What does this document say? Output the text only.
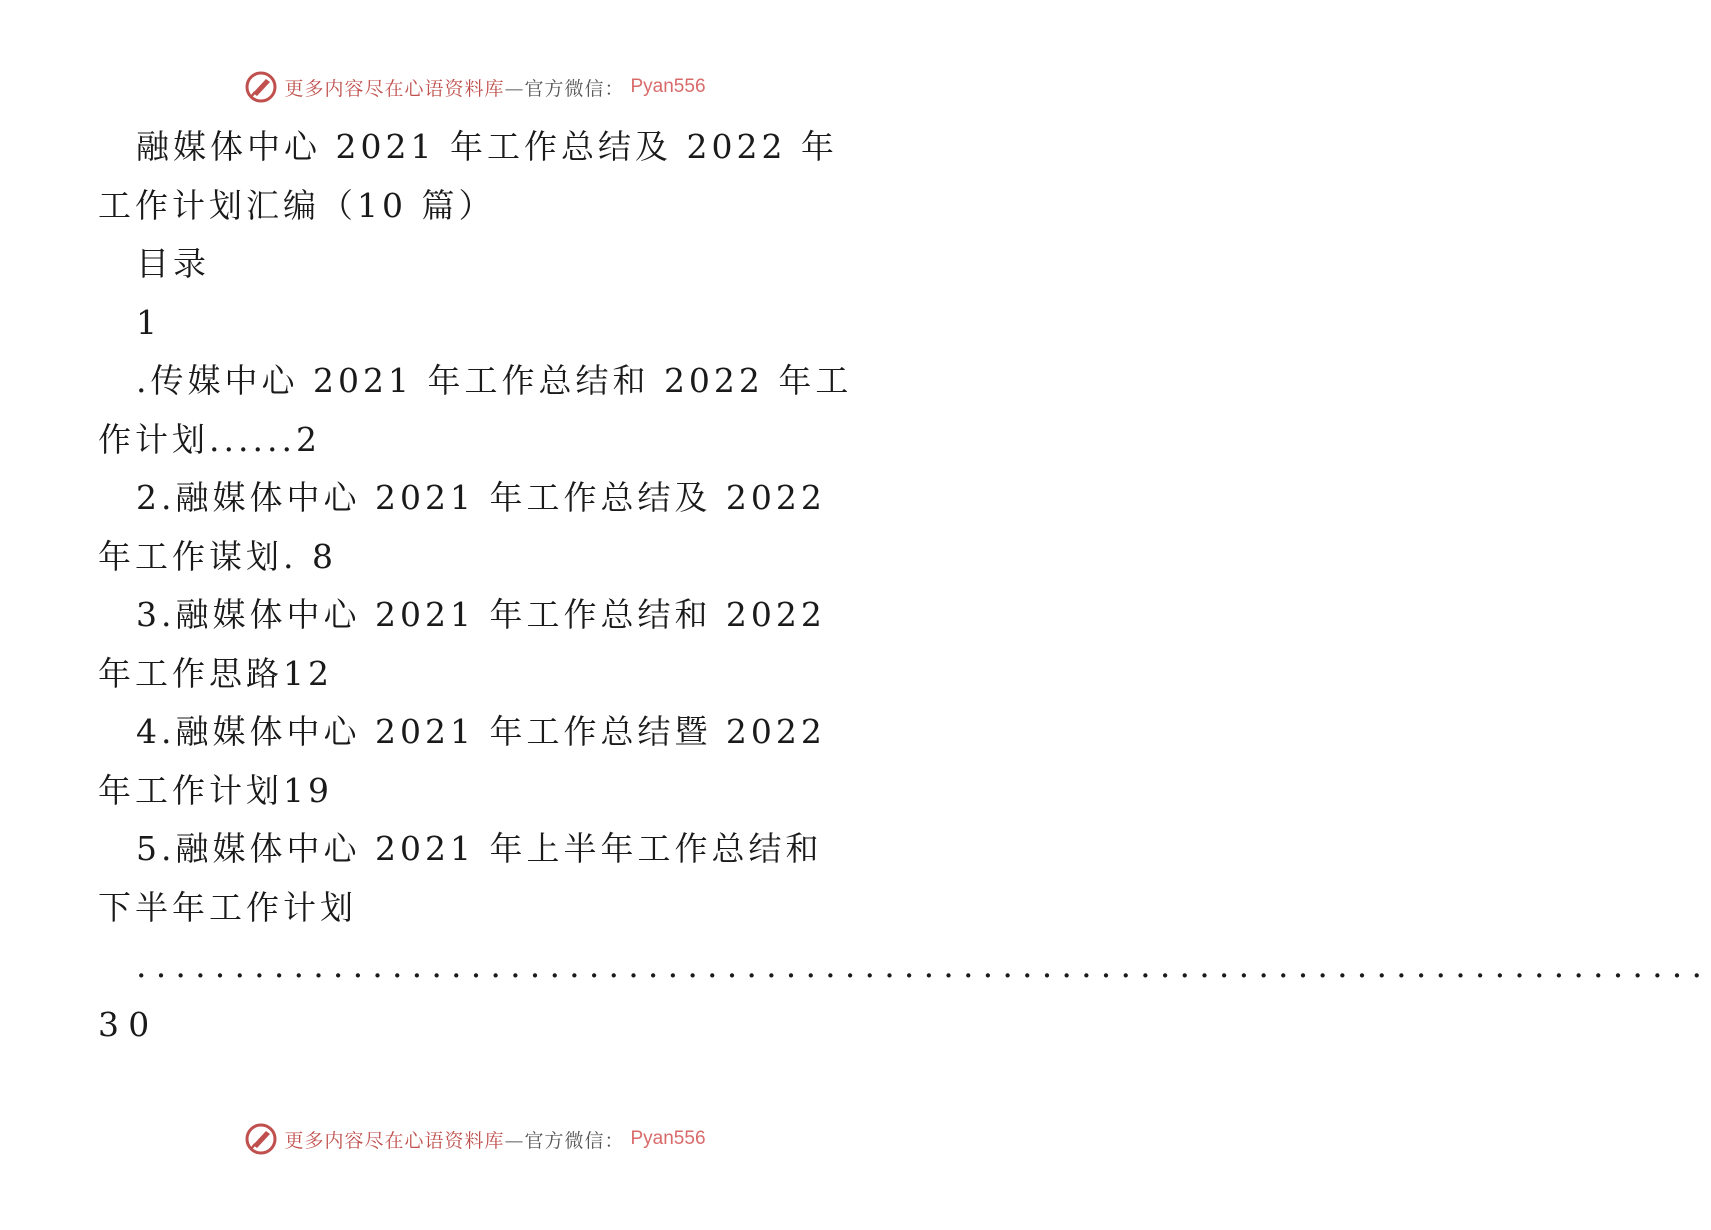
更多内容尽在心语资料库—官方微信： Pyan556

融媒体中心 2021 年工作总结及 2022 年工作计划汇编（10 篇）

目录

1

.传媒中心 2021 年工作总结和 2022 年工作计划......2

2.融媒体中心 2021 年工作总结及 2022 年工作谋划. 8

3.融媒体中心 2021 年工作总结和 2022 年工作思路12

4.融媒体中心 2021 年工作总结暨 2022 年工作计划19

5.融媒体中心 2021 年上半年工作总结和下半年工作计划

................................................................................30

更多内容尽在心语资料库—官方微信： Pyan556
